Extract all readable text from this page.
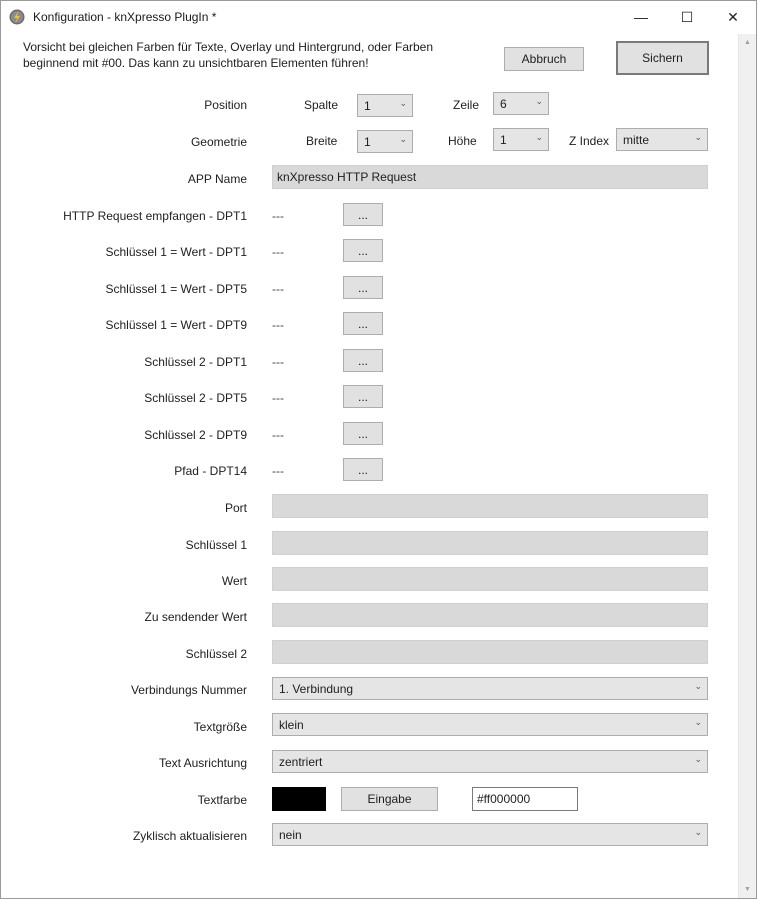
Konfiguration - knXpresso PlugIn *	— ☐ ✕
▲
▼
Vorsicht bei gleichen Farben für Texte, Overlay und Hintergrund, oder Farben
beginnend mit #00. Das kann zu unsichtbaren Elementen führen!	Abbruch	Sichern
Position	Spalte 1	⌄	Zeile 6	⌄
Geometrie	Breite 1	⌄	Höhe 1	⌄ Z Index mitte	⌄
APP Name	knXpresso HTTP Request
HTTP Request empfangen - DPT1 ---	...
Schlüssel 1 = Wert - DPT1 ---	...
Schlüssel 1 = Wert - DPT5 ---	...
Schlüssel 1 = Wert - DPT9 ---	...
Schlüssel 2 - DPT1 ---	...
Schlüssel 2 - DPT5 ---	...
Schlüssel 2 - DPT9 ---	...
Pfad - DPT14 ---	...
Port
Schlüssel 1
Wert
Zu sendender Wert
Schlüssel 2
Verbindungs Nummer	1. Verbindung	⌄
Textgröße	klein	⌄
Text Ausrichtung	zentriert	⌄
Textfarbe	Eingabe	#ff000000
Zyklisch aktualisieren	nein	⌄
